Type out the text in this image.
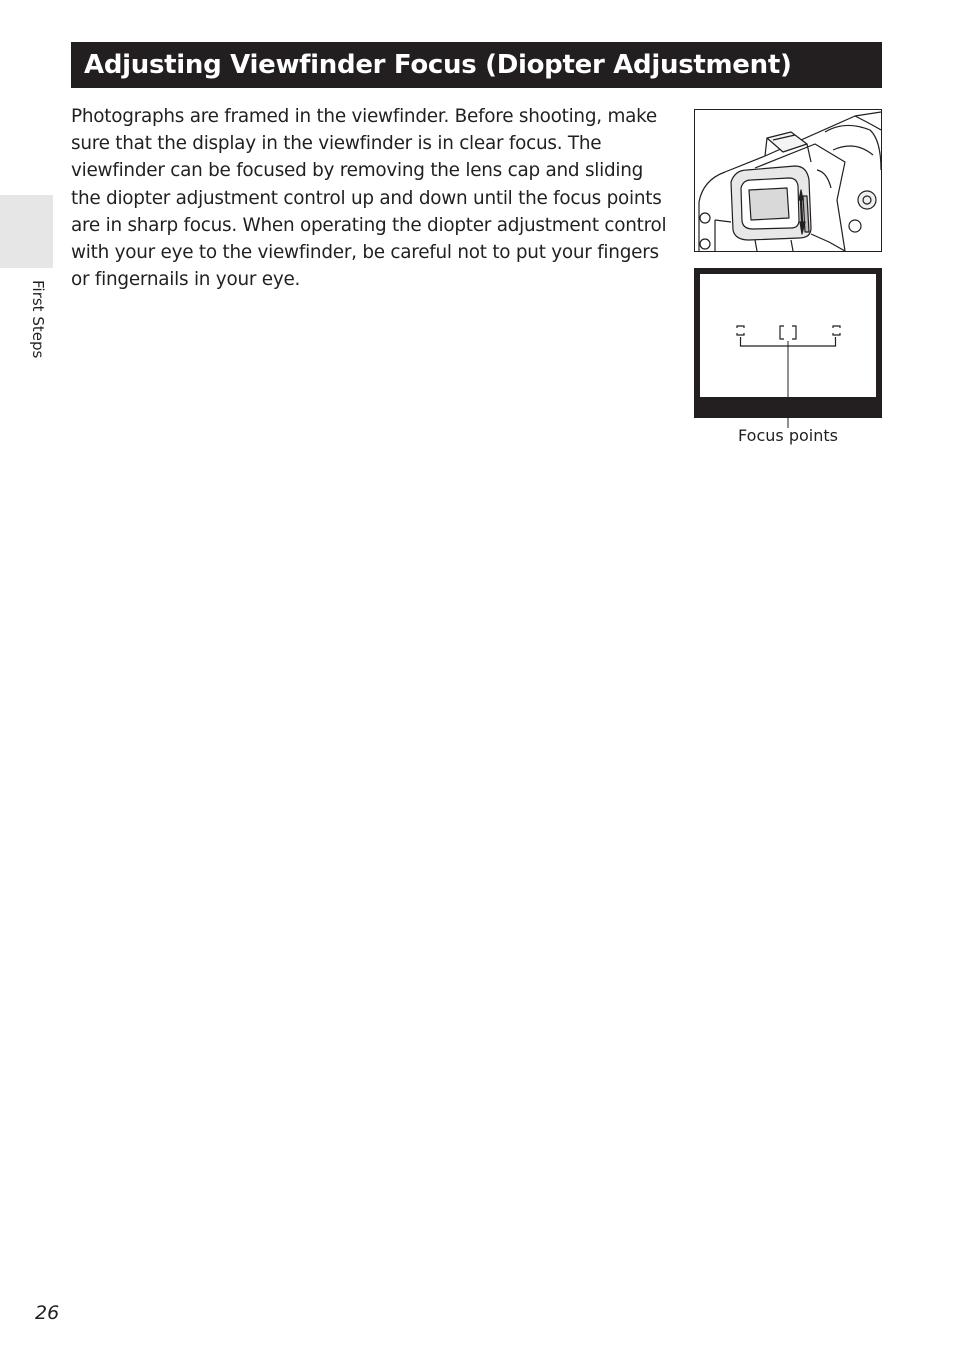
Adjusting Viewfinder Focus (Diopter Adjustment)

Photographs are framed in the viewfinder. Before shooting, make sure that the display in the viewfinder is in clear focus. The viewfinder can be focused by removing the lens cap and sliding the diopter adjustment control up and down until the focus points are in sharp focus. When operating the diopter adjustment control with your eye to the viewfinder, be careful not to put your fingers or fingernails in your eye.

First Steps
Focus points
26
